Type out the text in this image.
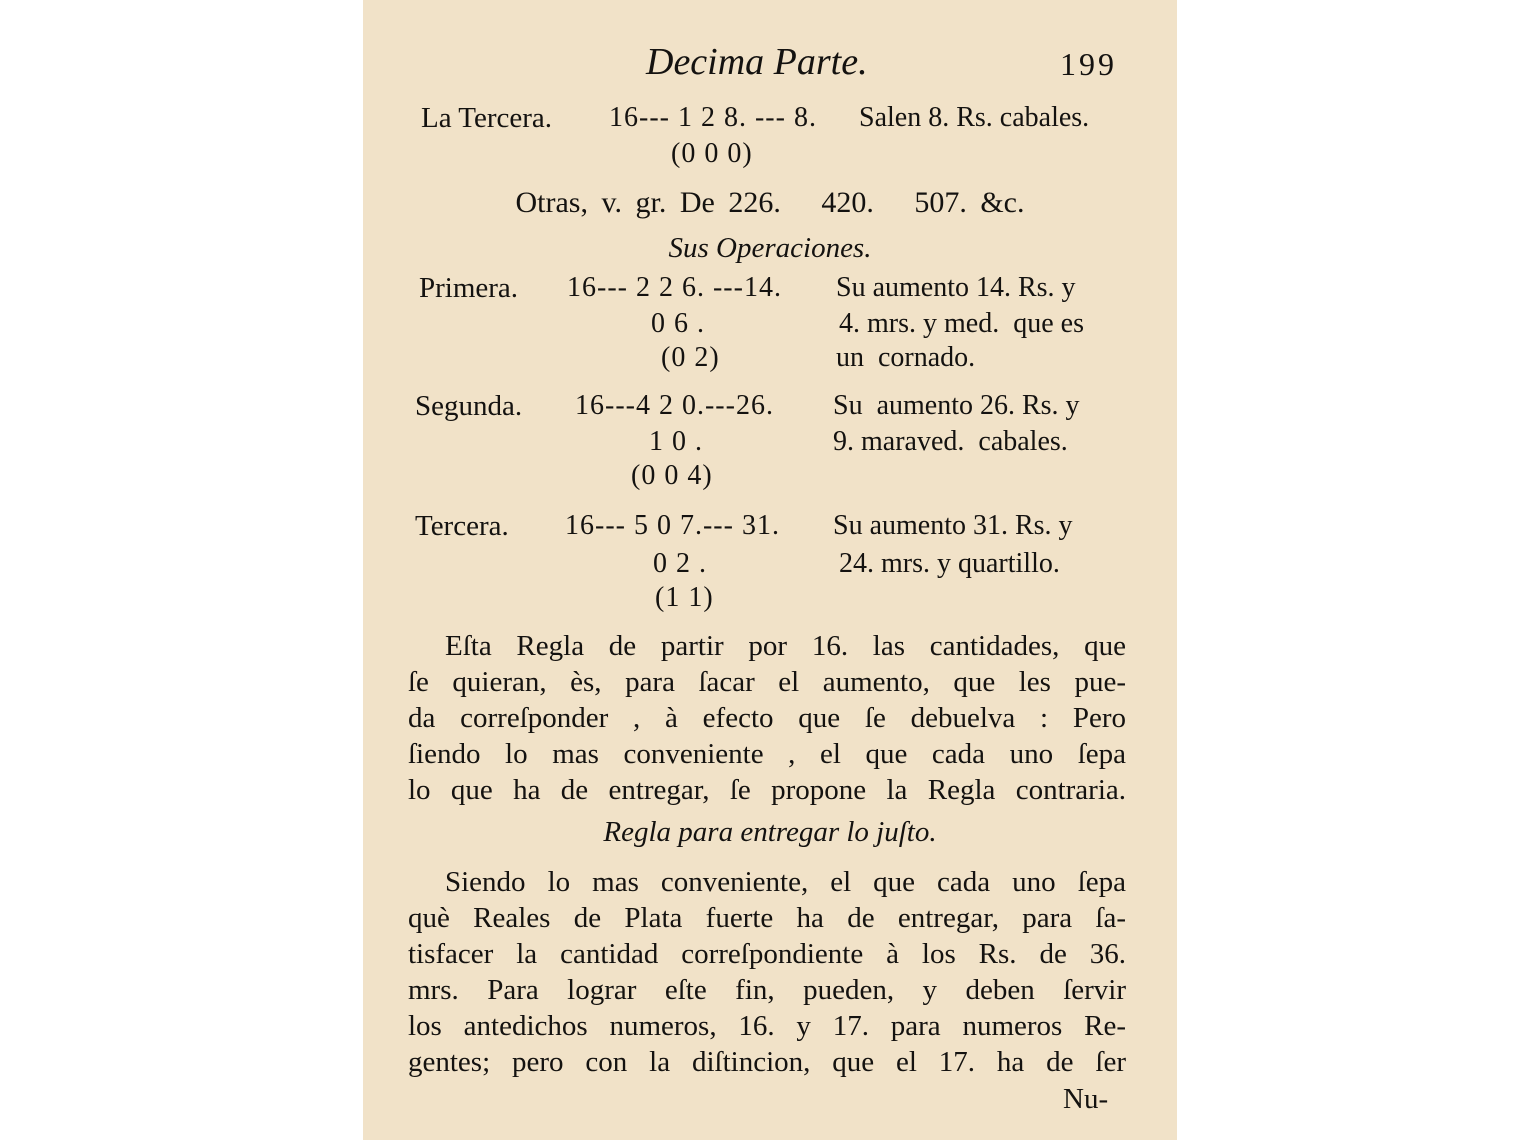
Decima Parte.	199
La Tercera. 16--- 1 2 8. --- 8. Salen 8. Rs. cabales.
(0 0 0)
Otras, v. gr. De 226.   420.   507. &c.
Sus Operaciones.
Primera. 16--- 2 2 6. ---14.
0 6 .
(0 2)
Su aumento 14. Rs. y
4. mrs. y med.  que es
un  cornado.
Segunda. 16---4 2 0.---26.
1 0 .
(0 0 4)
Su  aumento 26. Rs. y
9. maraved.  cabales.
Tercera. 16--- 5 0 7.--- 31.
0 2 .
(1 1)
Su aumento 31. Rs. y
24. mrs. y quartillo.
Eſta Regla de partir por 16. las cantidades, que
ſe quieran, ès, para ſacar el aumento, que les pue-
da correſponder , à efecto que ſe debuelva : Pero
ſiendo lo mas conveniente , el que cada uno ſepa
lo que ha de entregar, ſe propone la Regla contraria.
Regla para entregar lo juſto.
Siendo lo mas conveniente, el que cada uno ſepa
què Reales de Plata fuerte ha de entregar, para ſa-
tisfacer la cantidad correſpondiente à los Rs. de 36.
mrs. Para lograr eſte fin, pueden, y deben ſervir
los antedichos numeros, 16. y 17. para numeros Re-
gentes; pero con la diſtincion, que el 17. ha de ſer
Nu-
